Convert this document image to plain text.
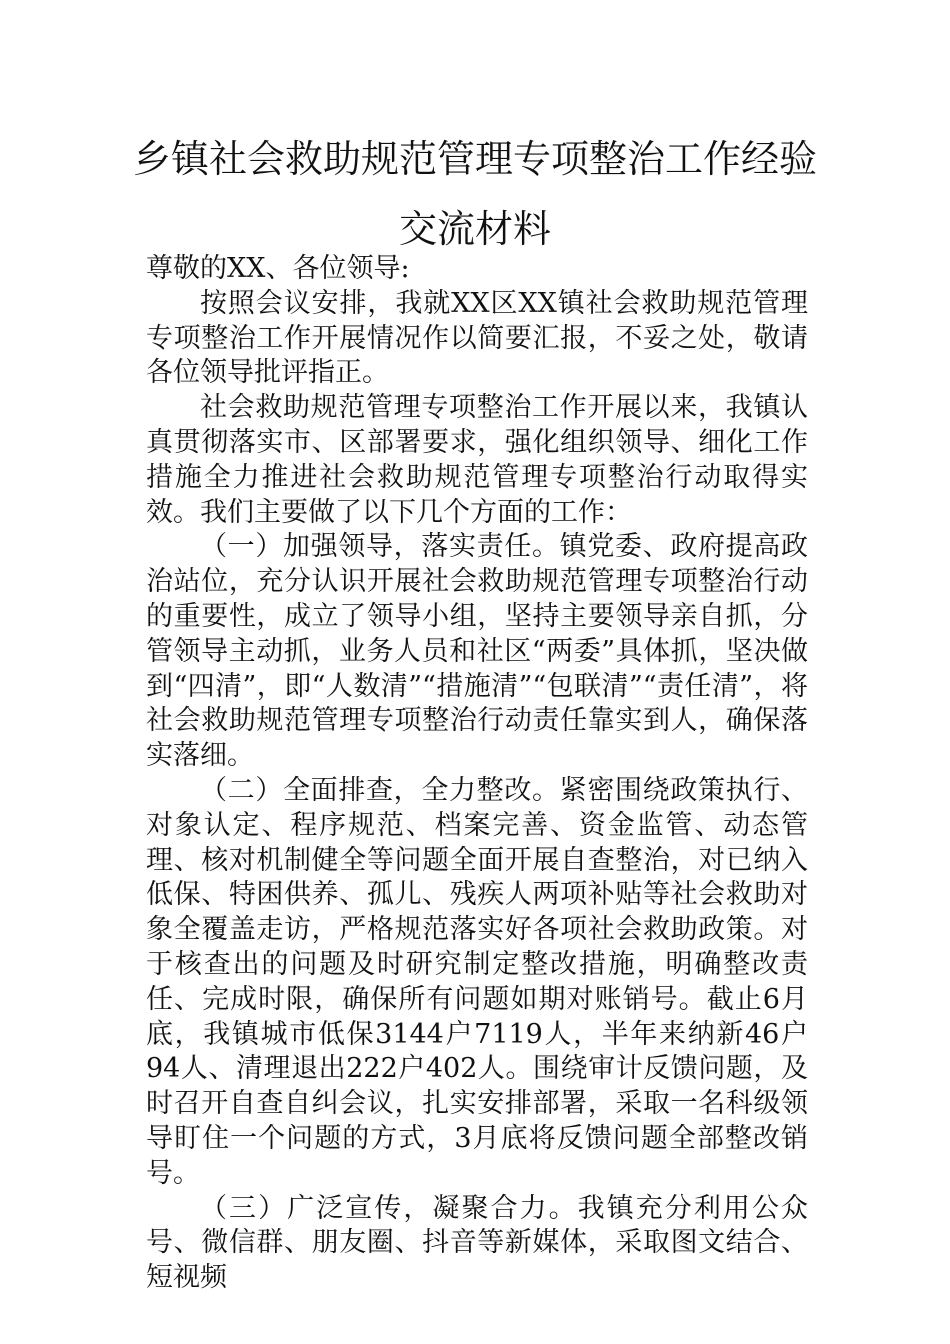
乡镇社会救助规范管理专项整治工作经验
交流材料

尊敬的XX、各位领导:

按照会议安排，我就XX区XX镇社会救助规范管理专项整治工作开展情况作以简要汇报，不妥之处，敬请各位领导批评指正。

社会救助规范管理专项整治工作开展以来，我镇认真贯彻落实市、区部署要求，强化组织领导、细化工作措施全力推进社会救助规范管理专项整治行动取得实效。我们主要做了以下几个方面的工作：

（一）加强领导，落实责任。镇党委、政府提高政治站位，充分认识开展社会救助规范管理专项整治行动的重要性，成立了领导小组，坚持主要领导亲自抓，分管领导主动抓，业务人员和社区“两委”具体抓，坚决做到“四清”，即“人数清”“措施清”“包联清”“责任清”，将社会救助规范管理专项整治行动责任靠实到人，确保落实落细。

（二）全面排查，全力整改。紧密围绕政策执行、对象认定、程序规范、档案完善、资金监管、动态管理、核对机制健全等问题全面开展自查整治，对已纳入低保、特困供养、孤儿、残疾人两项补贴等社会救助对象全覆盖走访，严格规范落实好各项社会救助政策。对于核查出的问题及时研究制定整改措施，明确整改责任、完成时限，确保所有问题如期对账销号。截止6月底，我镇城市低保3144户7119人，半年来纳新46户94人、清理退出222户402人。围绕审计反馈问题，及时召开自查自纠会议，扎实安排部署，采取一名科级领导盯住一个问题的方式，3月底将反馈问题全部整改销号。

（三）广泛宣传，凝聚合力。我镇充分利用公众号、微信群、朋友圈、抖音等新媒体，采取图文结合、短视频
